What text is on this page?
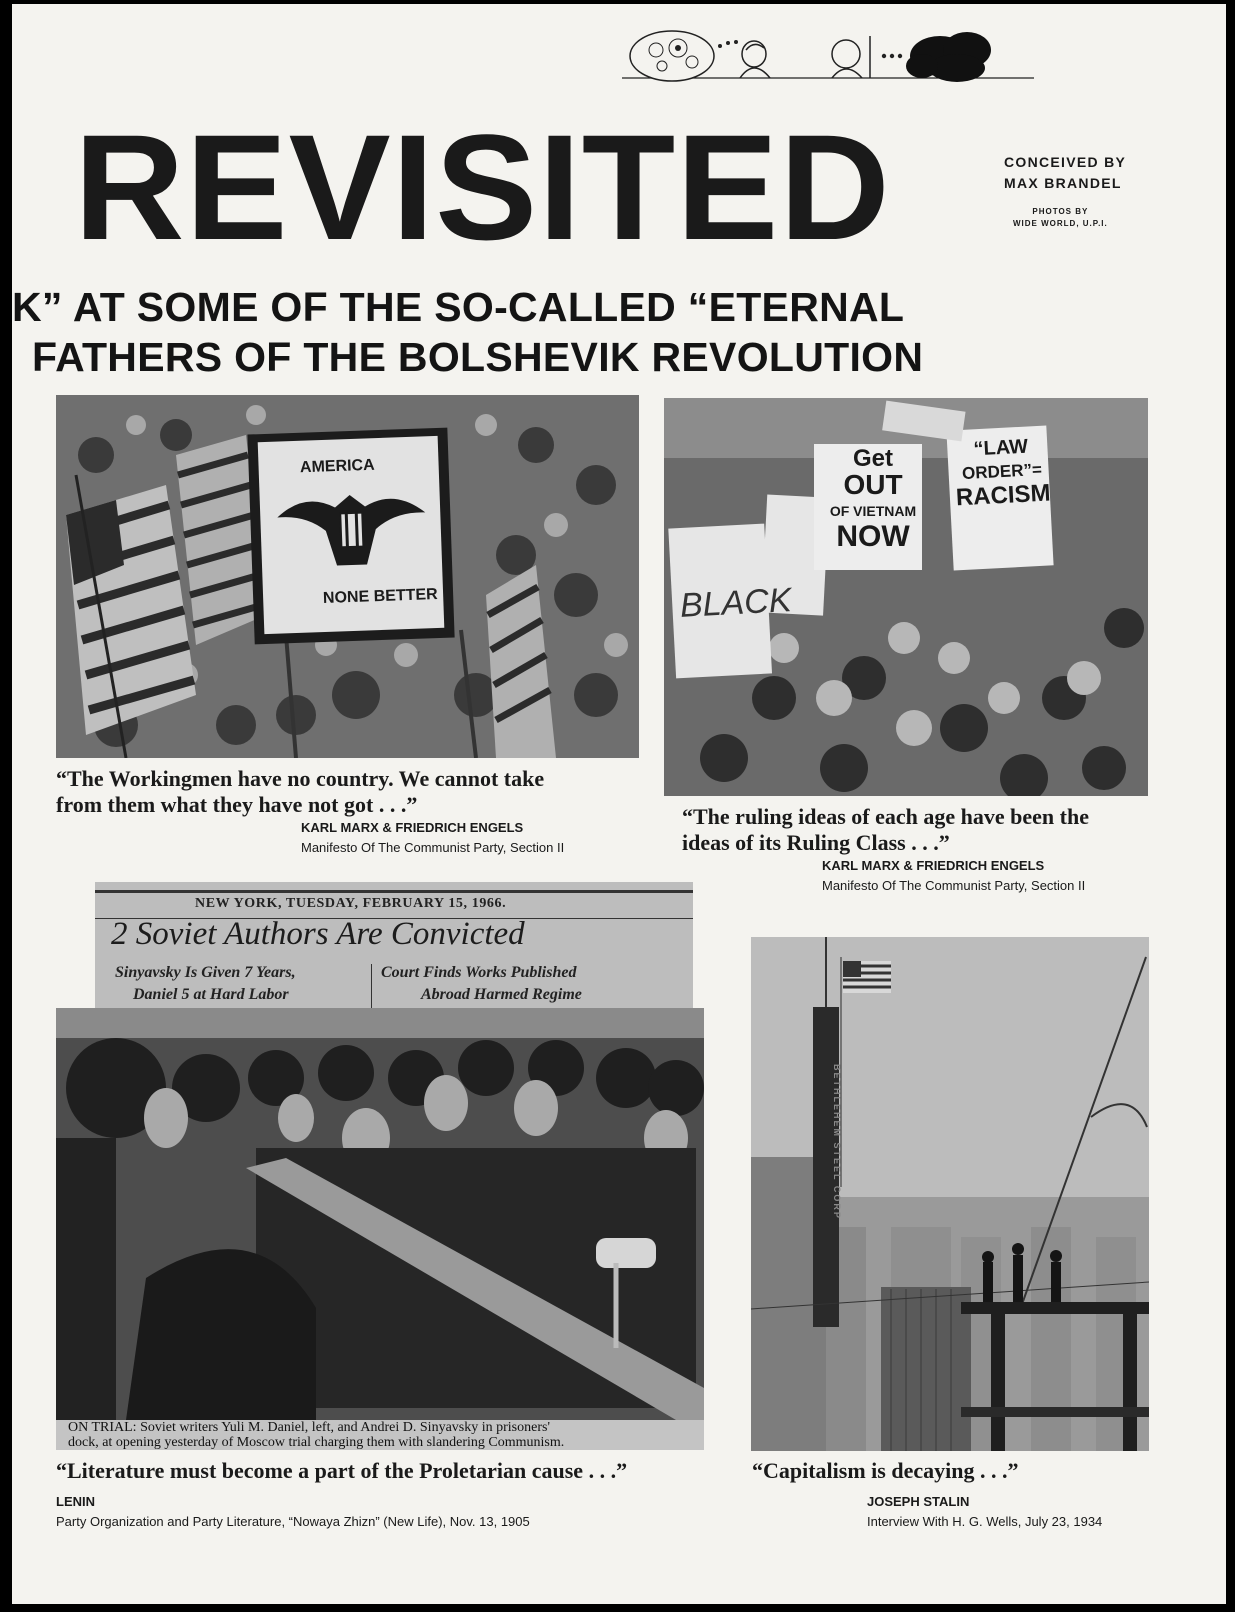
REVISITED	CONCEIVED BY
MAX BRANDEL
PHOTOS BY
WIDE WORLD, U.P.I.
K” AT SOME OF THE SO-CALLED “ETERNAL
FATHERS OF THE BOLSHEVIK REVOLUTION
AMERICA
NONE BETTER
“The Workingmen have no country. We cannot take
from them what they have not got . . .”
KARL MARX & FRIEDRICH ENGELS
Manifesto Of The Communist Party, Section II
Get
OUT
OF VIETNAM
NOW
“LAW
ORDER”=
RACISM
BLACK
“The ruling ideas of each age have been the
ideas of its Ruling Class . . .”
KARL MARX & FRIEDRICH ENGELS
Manifesto Of The Communist Party, Section II
NEW YORK, TUESDAY, FEBRUARY 15, 1966.
2 Soviet Authors Are Convicted
Sinyavsky Is Given 7 Years,
Daniel 5 at Hard Labor
Court Finds Works Published
Abroad Harmed Regime
ON TRIAL: Soviet writers Yuli M. Daniel, left, and Andrei D. Sinyavsky in prisoners'
dock, at opening yesterday of Moscow trial charging them with slandering Communism.
“Literature must become a part of the Proletarian cause . . .”
LENIN
Party Organization and Party Literature, “Nowaya Zhizn” (New Life), Nov. 13, 1905
BETHLEHEM STEEL CORP
“Capitalism is decaying . . .”
JOSEPH STALIN
Interview With H. G. Wells, July 23, 1934
